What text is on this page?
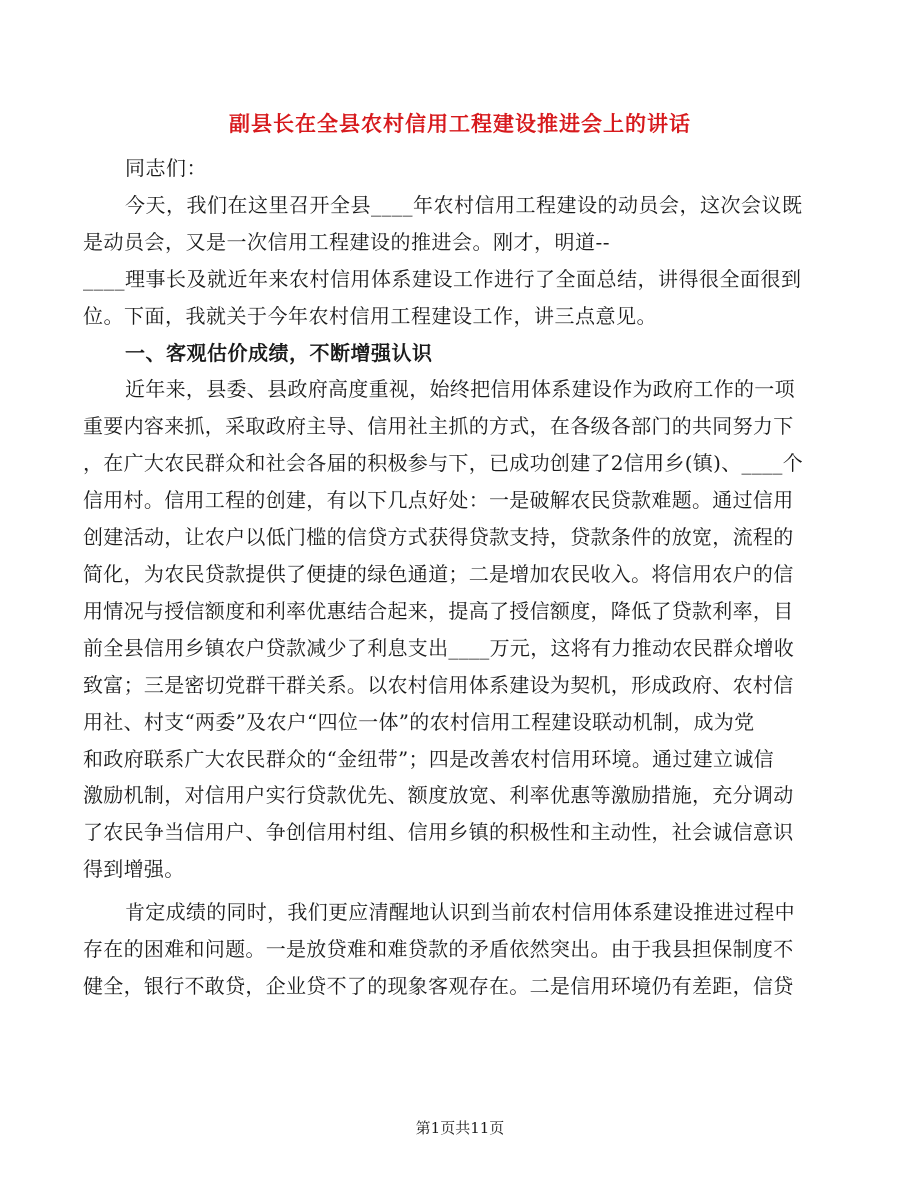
副县长在全县农村信用工程建设推进会上的讲话

同志们：

今天，我们在这里召开全县____年农村信用工程建设的动员会，这次会议既
是动员会，又是一次信用工程建设的推进会。刚才，明道--
____理事长及就近年来农村信用体系建设工作进行了全面总结，讲得很全面很到
位。下面，我就关于今年农村信用工程建设工作，讲三点意见。

一、客观估价成绩，不断增强认识

近年来，县委、县政府高度重视，始终把信用体系建设作为政府工作的一项
重要内容来抓，采取政府主导、信用社主抓的方式，在各级各部门的共同努力下
，在广大农民群众和社会各届的积极参与下，已成功创建了2信用乡(镇)、____个
信用村。信用工程的创建，有以下几点好处：一是破解农民贷款难题。通过信用
创建活动，让农户以低门槛的信贷方式获得贷款支持，贷款条件的放宽，流程的
简化，为农民贷款提供了便捷的绿色通道；二是增加农民收入。将信用农户的信
用情况与授信额度和利率优惠结合起来，提高了授信额度，降低了贷款利率，目
前全县信用乡镇农户贷款减少了利息支出____万元，这将有力推动农民群众增收
致富；三是密切党群干群关系。以农村信用体系建设为契机，形成政府、农村信
用社、村支“两委”及农户“四位一体”的农村信用工程建设联动机制，成为党
和政府联系广大农民群众的“金纽带”；四是改善农村信用环境。通过建立诚信
激励机制，对信用户实行贷款优先、额度放宽、利率优惠等激励措施，充分调动
了农民争当信用户、争创信用村组、信用乡镇的积极性和主动性，社会诚信意识
得到增强。

肯定成绩的同时，我们更应清醒地认识到当前农村信用体系建设推进过程中
存在的困难和问题。一是放贷难和难贷款的矛盾依然突出。由于我县担保制度不
健全，银行不敢贷，企业贷不了的现象客观存在。二是信用环境仍有差距，信贷

第1页共11页
